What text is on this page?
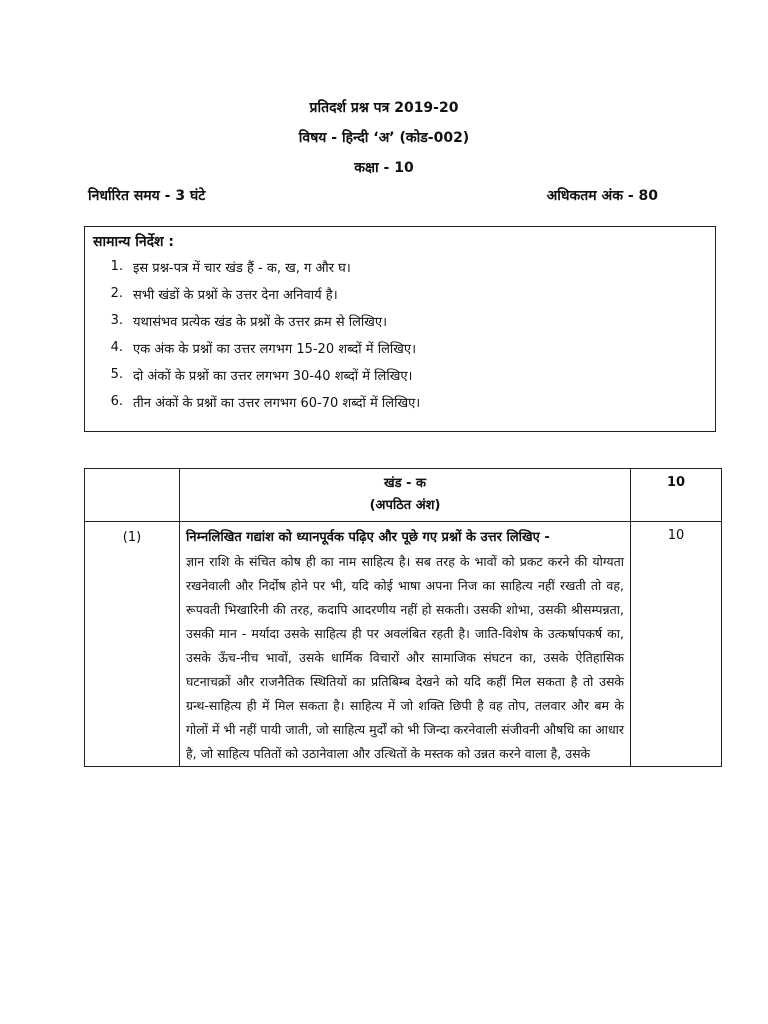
प्रतिदर्श प्रश्न पत्र 2019-20
विषय - हिन्दी ‘अ’ (कोड-002)
कक्षा - 10
निर्धारित समय - 3 घंटे	अधिकतम अंक - 80
सामान्य निर्देश :
1. इस प्रश्न-पत्र में चार खंड हैं - क, ख, ग और घ।
2. सभी खंडों के प्रश्नों के उत्तर देना अनिवार्य है।
3. यथासंभव प्रत्येक खंड के प्रश्नों के उत्तर क्रम से लिखिए।
4. एक अंक के प्रश्नों का उत्तर लगभग 15-20 शब्दों में लिखिए।
5. दो अंकों के प्रश्नों का उत्तर लगभग 30-40 शब्दों में लिखिए।
6. तीन अंकों के प्रश्नों का उत्तर लगभग 60-70 शब्दों में लिखिए।

	खंड - क
(अपठित अंश)	10
(1)	निम्नलिखित गद्यांश को ध्यानपूर्वक पढ़िए और पूछे गए प्रश्नों के उत्तर लिखिए -

ज्ञान राशि के संचित कोष ही का नाम साहित्य है। सब तरह के भावों को प्रकट करने की योग्यता रखनेवाली और निर्दोष होने पर भी, यदि कोई भाषा अपना निज का साहित्य नहीं रखती तो वह, रूपवती भिखारिनी की तरह, कदापि आदरणीय नहीं हो सकती। उसकी शोभा, उसकी श्रीसम्पन्नता, उसकी मान - मर्यादा उसके साहित्य ही पर अवलंबित रहती है। जाति-विशेष के उत्कर्षापकर्ष का, उसके ऊँच-नीच भावों, उसके धार्मिक विचारों और सामाजिक संघटन का, उसके ऐतिहासिक घटनाचक्रों और राजनैतिक स्थितियों का प्रतिबिम्ब देखने को यदि कहीं मिल सकता है तो उसके ग्रन्थ-साहित्य ही में मिल सकता है। साहित्य में जो शक्ति छिपी है वह तोप, तलवार और बम के गोलों में भी नहीं पायी जाती, जो साहित्य मुर्दों को भी जिन्दा करनेवाली संजीवनी औषधि का आधार है, जो साहित्य पतितों को उठानेवाला और उत्थितों के मस्तक को उन्नत करने वाला है, उसके	10
